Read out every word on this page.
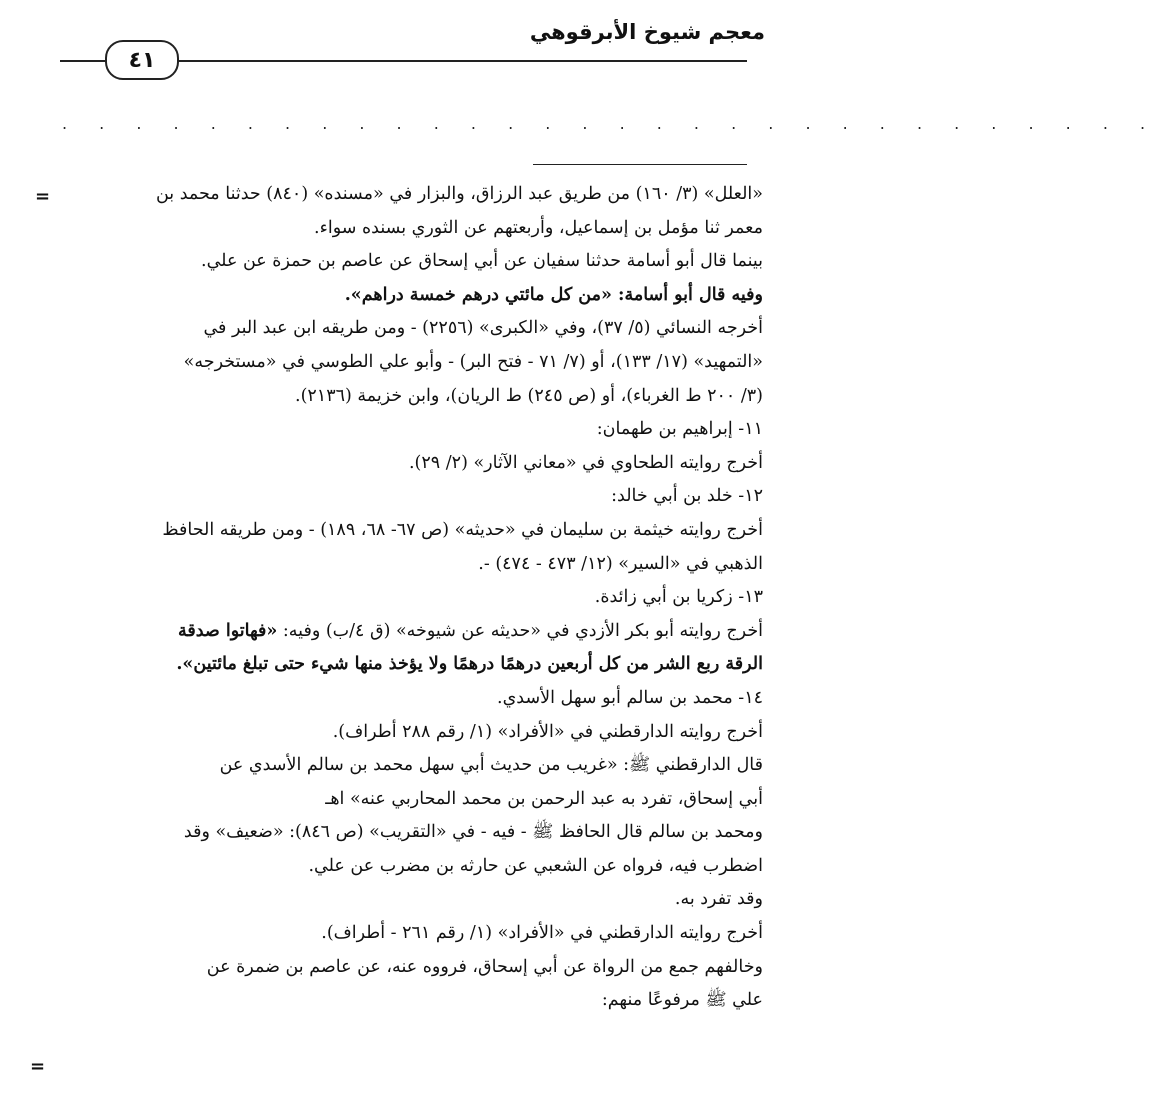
معجم شيوخ الأبرقوهي
٤١
. . . . . . . . . . . . . . . . . . . . . . . . . . . . . .
=
=

«العلل» (٣/ ١٦٠) من طريق عبد الرزاق، والبزار في «مسنده» (٨٤٠) حدثنا محمد بن

معمر ثنا مؤمل بن إسماعيل، وأربعتهم عن الثوري بسنده سواء.

بينما قال أبو أسامة حدثنا سفيان عن أبي إسحاق عن عاصم بن حمزة عن علي.

وفيه قال أبو أسامة: «من كل مائتي درهم خمسة دراهم».

أخرجه النسائي (٥/ ٣٧)، وفي «الكبرى» (٢٢٥٦) - ومن طريقه ابن عبد البر في

«التمهيد» (١٧/ ١٣٣)، أو (٧/ ٧١ - فتح البر) - وأبو علي الطوسي في «مستخرجه»

(٣/ ٢٠٠ ط الغرباء)، أو (ص ٢٤٥) ط الريان)، وابن خزيمة (٢١٣٦).

١١- إبراهيم بن طهمان:

أخرج روايته الطحاوي في «معاني الآثار» (٢/ ٢٩).

١٢- خلد بن أبي خالد:

أخرج روايته خيثمة بن سليمان في «حديثه» (ص ٦٧- ٦٨، ١٨٩) - ومن طريقه الحافظ

الذهبي في «السير» (١٢/ ٤٧٣ - ٤٧٤) -.

١٣- زكريا بن أبي زائدة.

أخرج روايته أبو بكر الأزدي في «حديثه عن شيوخه» (ق ٤/ب) وفيه: «فهاتوا صدقة

الرقة ربع الشر من كل أربعين درهمًا درهمًا ولا يؤخذ منها شيء حتى تبلغ مائتين».

١٤- محمد بن سالم أبو سهل الأسدي.

أخرج روايته الدارقطني في «الأفراد» (١/ رقم ٢٨٨ أطراف).

قال الدارقطني ﷺ: «غريب من حديث أبي سهل محمد بن سالم الأسدي عن

أبي إسحاق، تفرد به عبد الرحمن بن محمد المحاربي عنه» اهـ

ومحمد بن سالم قال الحافظ ﷺ - فيه - في «التقريب» (ص ٨٤٦): «ضعيف» وقد

اضطرب فيه، فرواه عن الشعبي عن حارثه بن مضرب عن علي.

وقد تفرد به.

أخرج روايته الدارقطني في «الأفراد» (١/ رقم ٢٦١ - أطراف).

وخالفهم جمع من الرواة عن أبي إسحاق، فرووه عنه، عن عاصم بن ضمرة عن

علي ﷺ مرفوعًا منهم:
